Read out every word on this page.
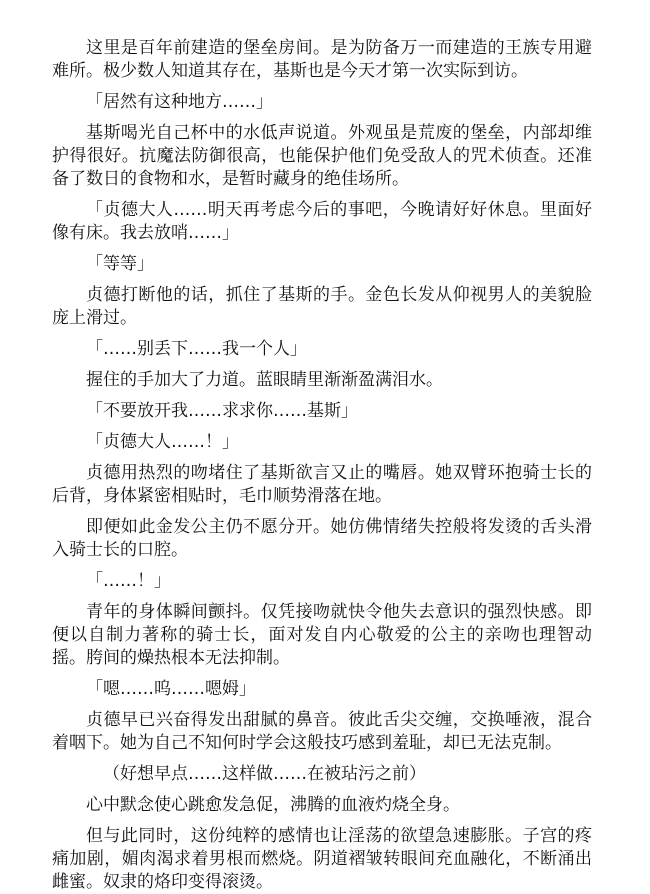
这里是百年前建造的堡垒房间。是为防备万一而建造的王族专用避难所。极少数人知道其存在，基斯也是今天才第一次实际到访。

「居然有这种地方……」

基斯喝光自己杯中的水低声说道。外观虽是荒废的堡垒，内部却维护得很好。抗魔法防御很高，也能保护他们免受敌人的咒术侦查。还准备了数日的食物和水，是暂时藏身的绝佳场所。

「贞德大人……明天再考虑今后的事吧，今晚请好好休息。里面好像有床。我去放哨……」

「等等」

贞德打断他的话，抓住了基斯的手。金色长发从仰视男人的美貌脸庞上滑过。

「……别丢下……我一个人」

握住的手加大了力道。蓝眼睛里渐渐盈满泪水。

「不要放开我……求求你……基斯」

「贞德大人……！」

贞德用热烈的吻堵住了基斯欲言又止的嘴唇。她双臂环抱骑士长的后背，身体紧密相贴时，毛巾顺势滑落在地。

即便如此金发公主仍不愿分开。她仿佛情绪失控般将发烫的舌头滑入骑士长的口腔。

「……！」

青年的身体瞬间颤抖。仅凭接吻就快令他失去意识的强烈快感。即便以自制力著称的骑士长，面对发自内心敬爱的公主的亲吻也理智动摇。胯间的燥热根本无法抑制。

「嗯……呜……嗯姆」

贞德早已兴奋得发出甜腻的鼻音。彼此舌尖交缠，交换唾液，混合着咽下。她为自己不知何时学会这般技巧感到羞耻，却已无法克制。

（好想早点……这样做……在被玷污之前）

心中默念使心跳愈发急促，沸腾的血液灼烧全身。

但与此同时，这份纯粹的感情也让淫荡的欲望急速膨胀。子宫的疼痛加剧，媚肉渴求着男根而燃烧。阴道褶皱转眼间充血融化，不断涌出雌蜜。奴隶的烙印变得滚烫。
